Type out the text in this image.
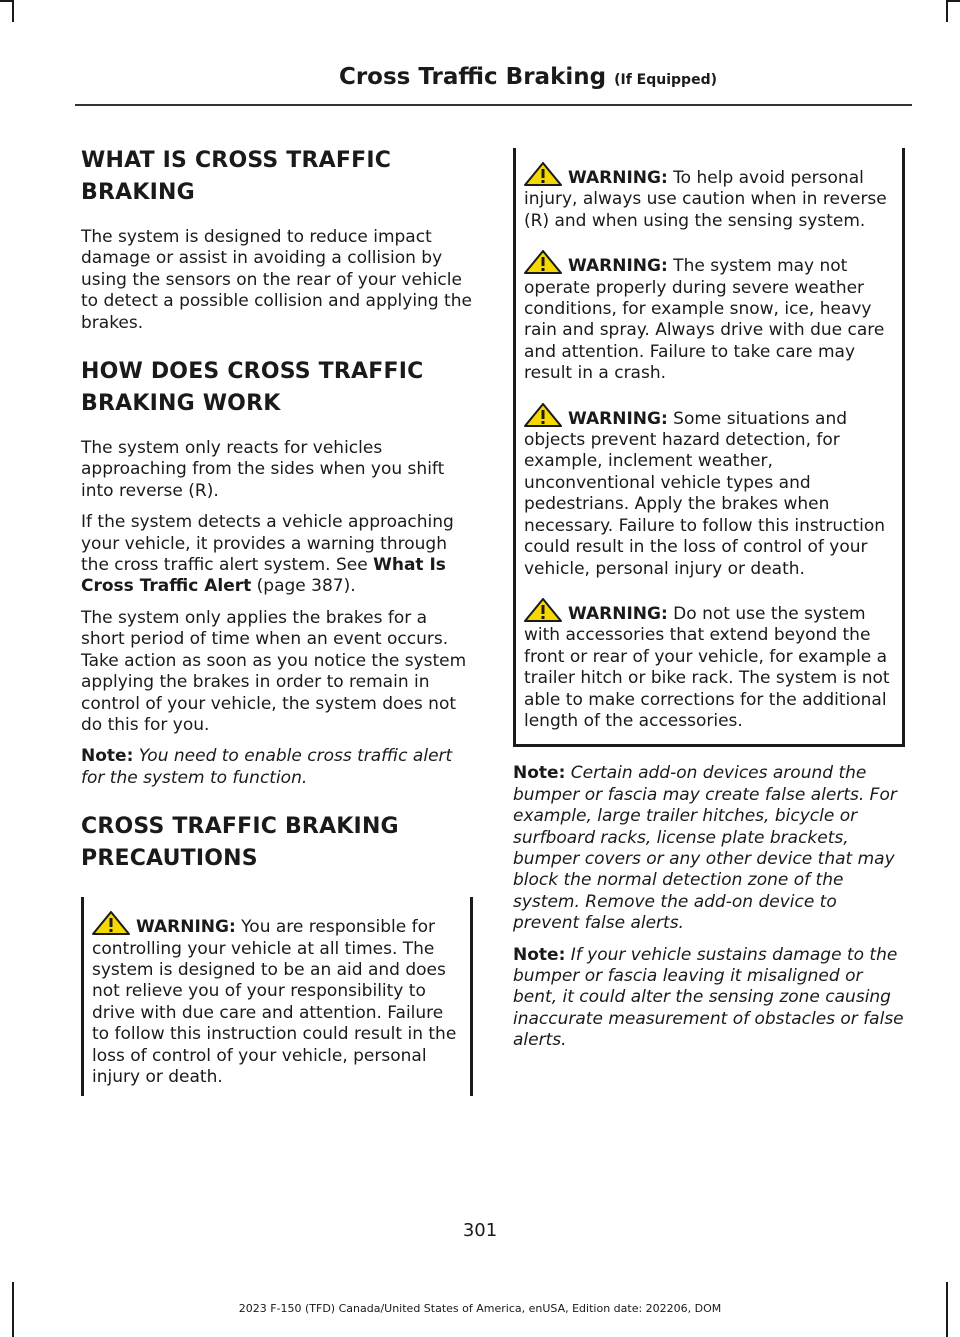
Cross Traffic Braking (If Equipped)
WHAT IS CROSS TRAFFIC BRAKING

The system is designed to reduce impact damage or assist in avoiding a collision by using the sensors on the rear of your vehicle to detect a possible collision and applying the brakes.

HOW DOES CROSS TRAFFIC BRAKING WORK

The system only reacts for vehicles approaching from the sides when you shift into reverse (R).

If the system detects a vehicle approaching your vehicle, it provides a warning through the cross traffic alert system. See What Is Cross Traffic Alert (page 387).

The system only applies the brakes for a short period of time when an event occurs. Take action as soon as you notice the system applying the brakes in order to remain in control of your vehicle, the system does not do this for you.

Note: You need to enable cross traffic alert for the system to function.

CROSS TRAFFIC BRAKING PRECAUTIONS
WARNING: You are responsible for controlling your vehicle at all times. The system is designed to be an aid and does not relieve you of your responsibility to drive with due care and attention. Failure to follow this instruction could result in the loss of control of your vehicle, personal injury or death.
WARNING: To help avoid personal injury, always use caution when in reverse (R) and when using the sensing system.
WARNING: The system may not operate properly during severe weather conditions, for example snow, ice, heavy rain and spray. Always drive with due care and attention. Failure to take care may result in a crash.
WARNING: Some situations and objects prevent hazard detection, for example, inclement weather, unconventional vehicle types and pedestrians. Apply the brakes when necessary. Failure to follow this instruction could result in the loss of control of your vehicle, personal injury or death.
WARNING: Do not use the system with accessories that extend beyond the front or rear of your vehicle, for example a trailer hitch or bike rack. The system is not able to make corrections for the additional length of the accessories.

Note: Certain add-on devices around the bumper or fascia may create false alerts. For example, large trailer hitches, bicycle or surfboard racks, license plate brackets, bumper covers or any other device that may block the normal detection zone of the system. Remove the add-on device to prevent false alerts.

Note: If your vehicle sustains damage to the bumper or fascia leaving it misaligned or bent, it could alter the sensing zone causing inaccurate measurement of obstacles or false alerts.

301
2023 F-150 (TFD) Canada/United States of America, enUSA, Edition date: 202206, DOM
